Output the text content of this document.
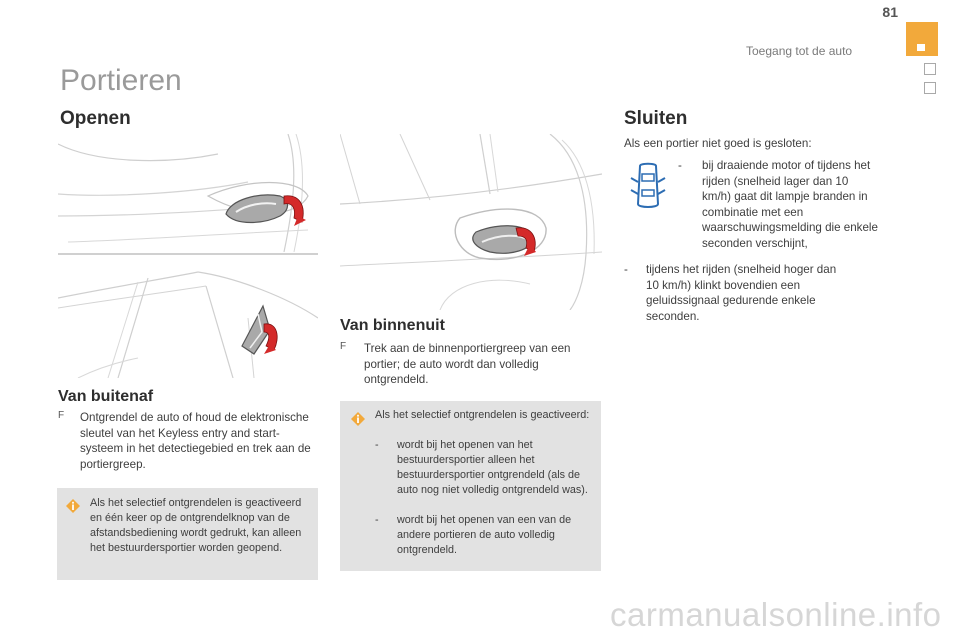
81
Toegang tot de auto
Portieren
Openen
Van buitenaf
F Ontgrendel de auto of houd de elektronische sleutel van het Keyless entry and start-systeem in het detectiegebied en trek aan de portiergreep.
Als het selectief ontgrendelen is geactiveerd en één keer op de ontgrendelknop van de afstandsbediening wordt gedrukt, kan alleen het bestuurdersportier worden geopend.
Van binnenuit
F Trek aan de binnenportiergreep van een portier; de auto wordt dan volledig ontgrendeld.
Als het selectief ontgrendelen is geactiveerd:
- wordt bij het openen van het bestuurdersportier alleen het bestuurdersportier ontgrendeld (als de auto nog niet volledig ontgrendeld was).
- wordt bij het openen van een van de andere portieren de auto volledig ontgrendeld.
Sluiten
Als een portier niet goed is gesloten:
- bij draaiende motor of tijdens het rijden (snelheid lager dan 10 km/h) gaat dit lampje branden in combinatie met een waarschuwingsmelding die enkele seconden verschijnt,
- tijdens het rijden (snelheid hoger dan 10 km/h) klinkt bovendien een geluidssignaal gedurende enkele seconden.
carmanualsonline.info
